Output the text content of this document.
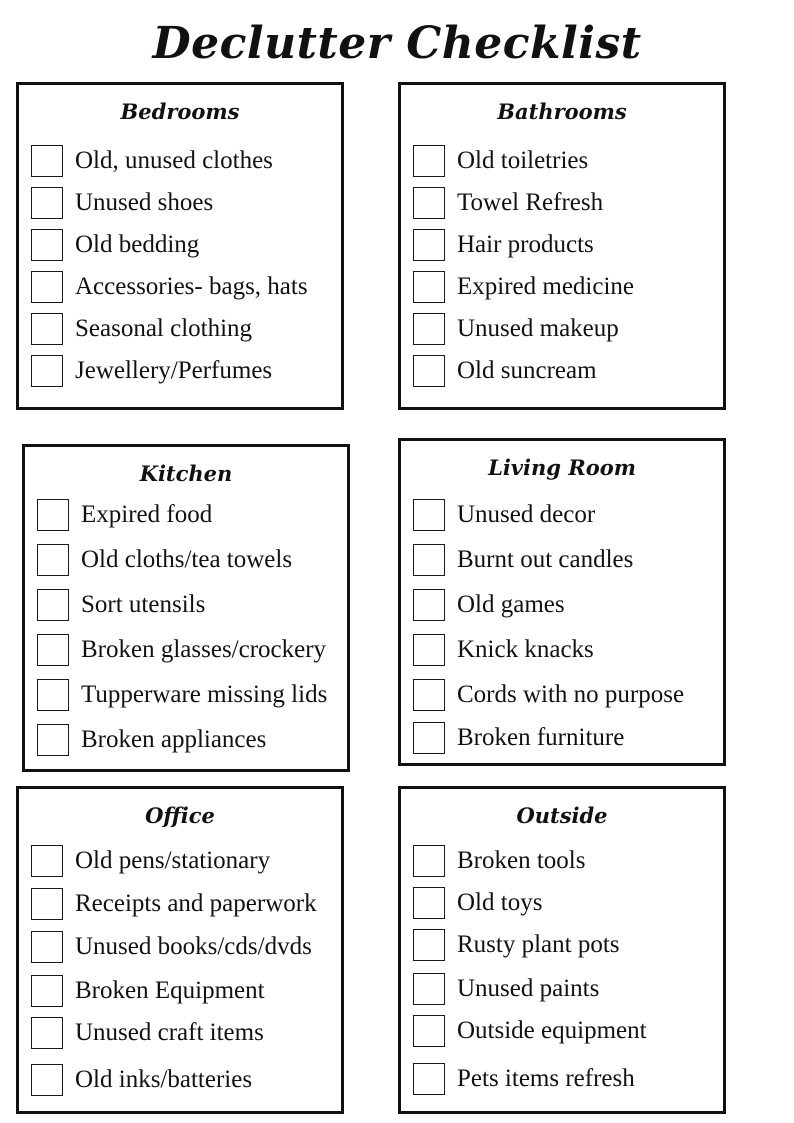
Declutter Checklist
Bedrooms
Old, unused clothes
Unused shoes
Old bedding
Accessories- bags, hats
Seasonal clothing
Jewellery/Perfumes
Bathrooms
Old toiletries
Towel Refresh
Hair products
Expired medicine
Unused makeup
Old suncream
Kitchen
Expired food
Old cloths/tea towels
Sort utensils
Broken glasses/crockery
Tupperware missing lids
Broken appliances
Living Room
Unused decor
Burnt out candles
Old games
Knick knacks
Cords with no purpose
Broken furniture
Office
Old pens/stationary
Receipts and paperwork
Unused books/cds/dvds
Broken Equipment
Unused craft items
Old inks/batteries
Outside
Broken tools
Old toys
Rusty plant pots
Unused paints
Outside equipment
Pets items refresh
